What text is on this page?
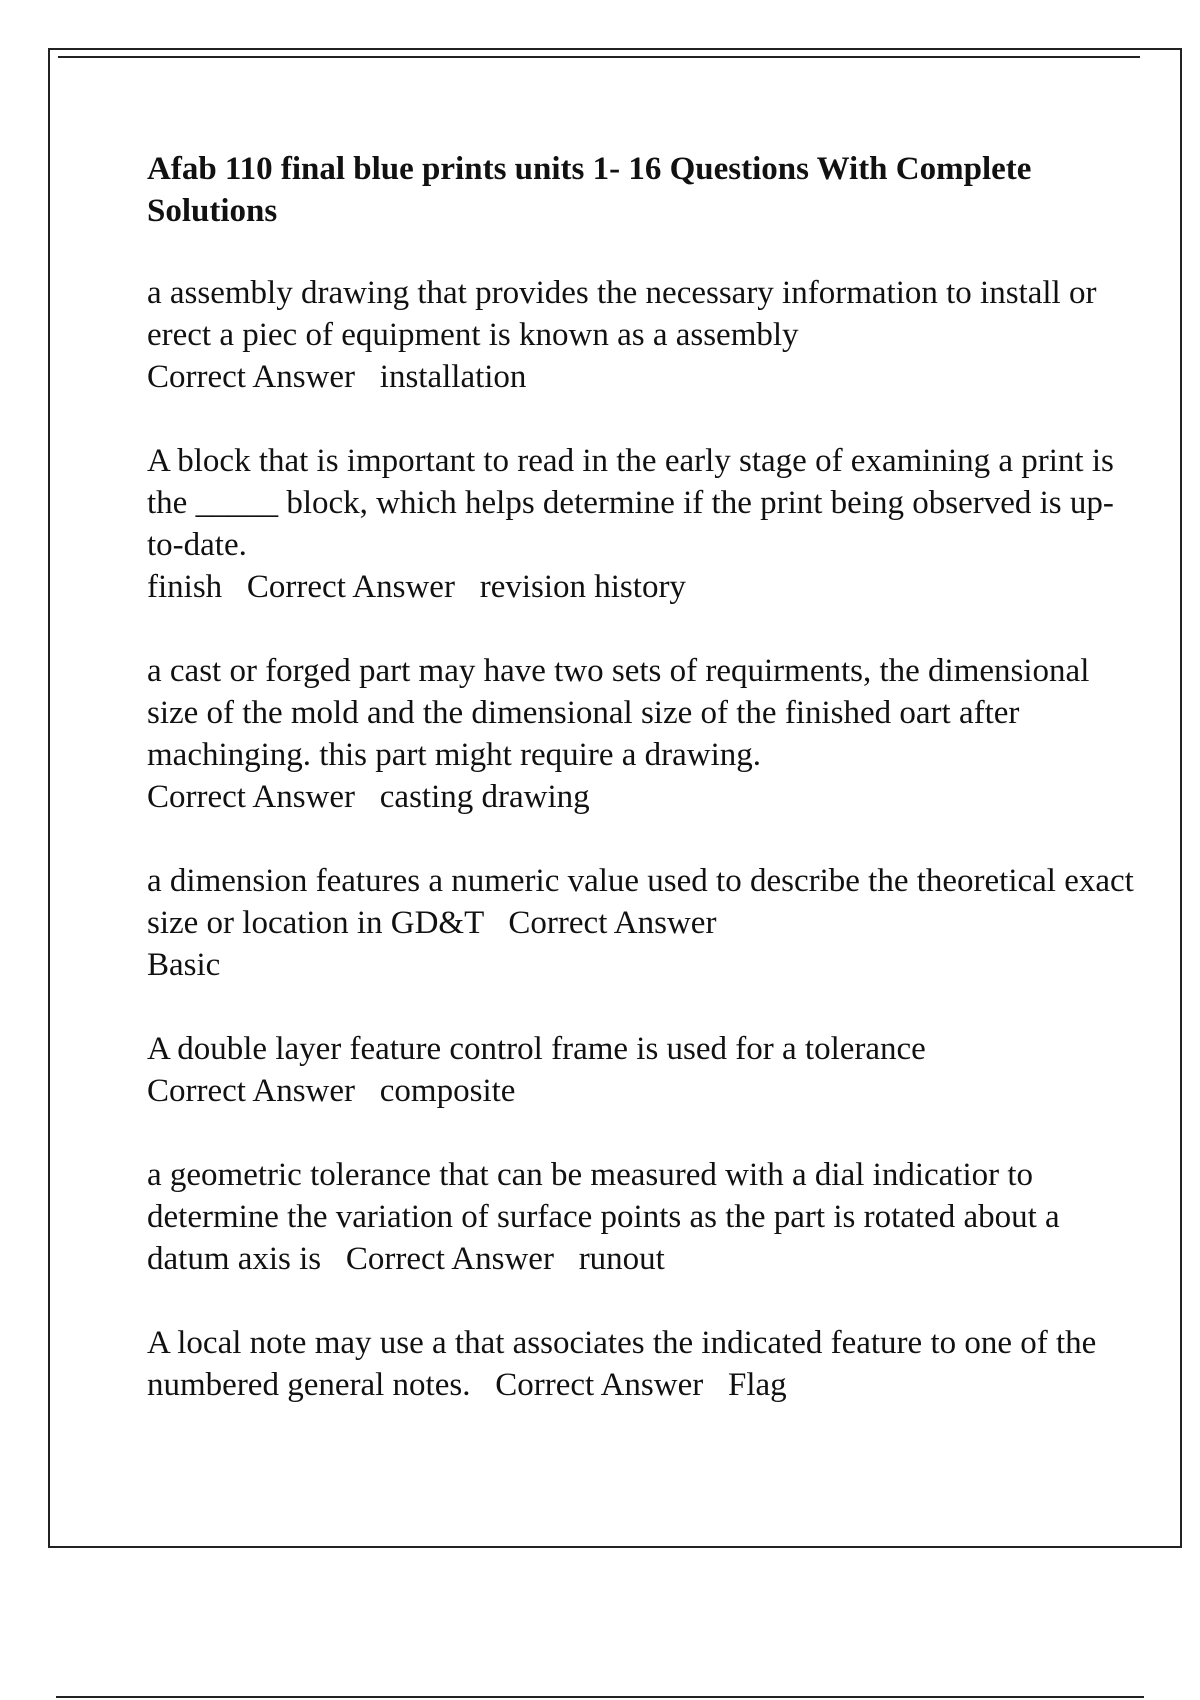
Afab 110 final blue prints units 1- 16 Questions With Complete Solutions
a assembly drawing that provides the necessary information to install or erect a piec of equipment is known as a assembly
Correct Answer installation
A block that is important to read in the early stage of examining a print is the _____ block, which helps determine if the print being observed is up-to-date.
finish Correct Answer revision history
a cast or forged part may have two sets of requirments, the dimensional size of the mold and the dimensional size of the finished oart after machinging. this part might require a drawing.
Correct Answer casting drawing
a dimension features a numeric value used to describe the theoretical exact size or location in GD&T Correct Answer
Basic
A double layer feature control frame is used for a tolerance
Correct Answer composite
a geometric tolerance that can be measured with a dial indicatior to determine the variation of surface points as the part is rotated about a datum axis is Correct Answer runout
A local note may use a that associates the indicated feature to one of the numbered general notes. Correct Answer Flag
